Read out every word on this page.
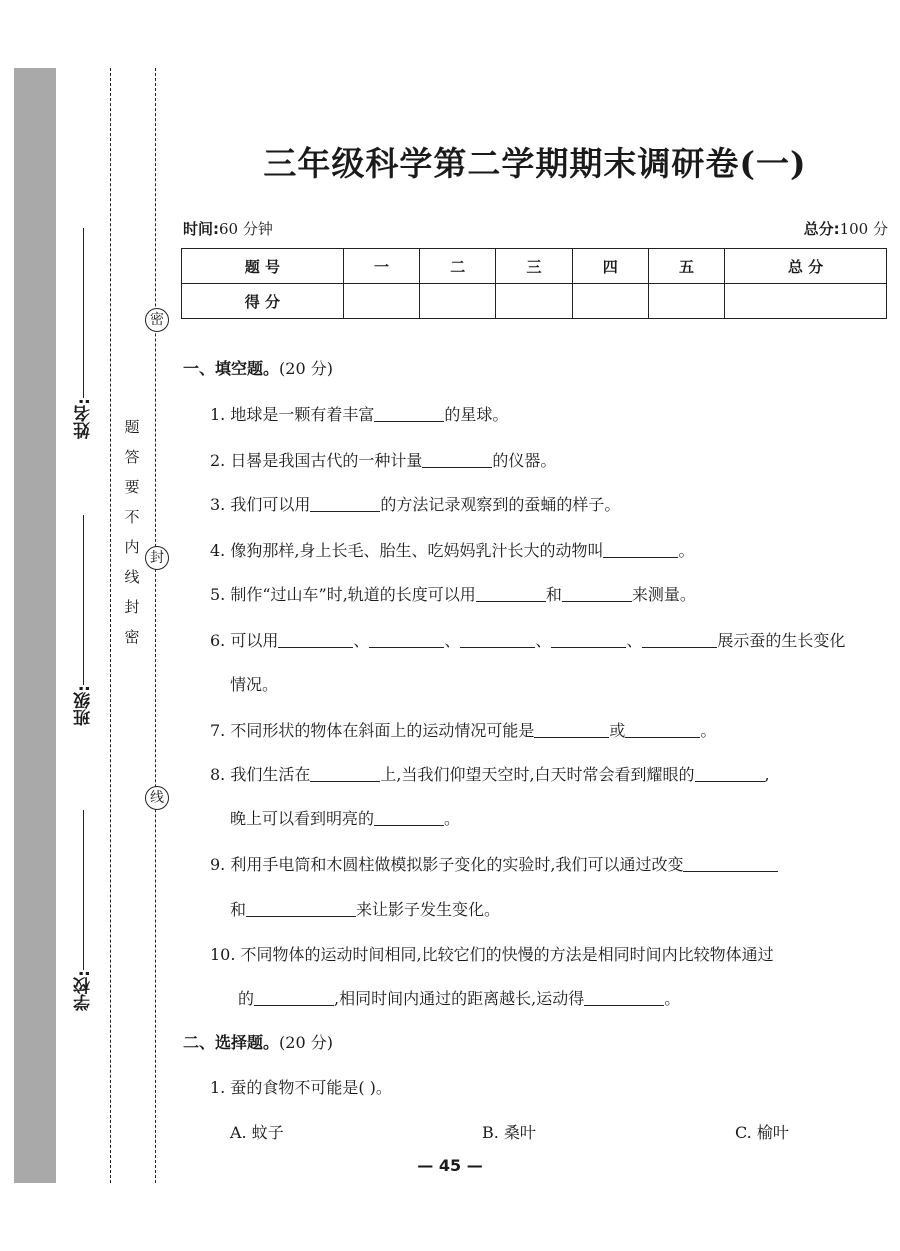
姓名:
班级:
学校:
密
封
线
题
答
要
不
内
线
封
密
三年级科学第二学期期末调研卷(一)
时间:60 分钟	总分:100 分
题 号	一	二	三	四	五	总 分
得 分						
一、填空题。(20 分)
1. 地球是一颗有着丰富	的星球。
2. 日晷是我国古代的一种计量	的仪器。
3. 我们可以用	的方法记录观察到的蚕蛹的样子。
4. 像狗那样,身上长毛、胎生、吃妈妈乳汁长大的动物叫	。
5. 制作“过山车”时,轨道的长度可以用	和	来测量。
6. 可以用	、	、	、	、	展示蚕的生长变化
情况。
7. 不同形状的物体在斜面上的运动情况可能是	或	。
8. 我们生活在	上,当我们仰望天空时,白天时常会看到耀眼的	,
晚上可以看到明亮的	。
9. 利用手电筒和木圆柱做模拟影子变化的实验时,我们可以通过改变
和	来让影子发生变化。
10. 不同物体的运动时间相同,比较它们的快慢的方法是相同时间内比较物体通过
的	,相同时间内通过的距离越长,运动得	。
二、选择题。(20 分)
1. 蚕的食物不可能是( )。
A. 蚊子	B. 桑叶	C. 榆叶
— 45 —
